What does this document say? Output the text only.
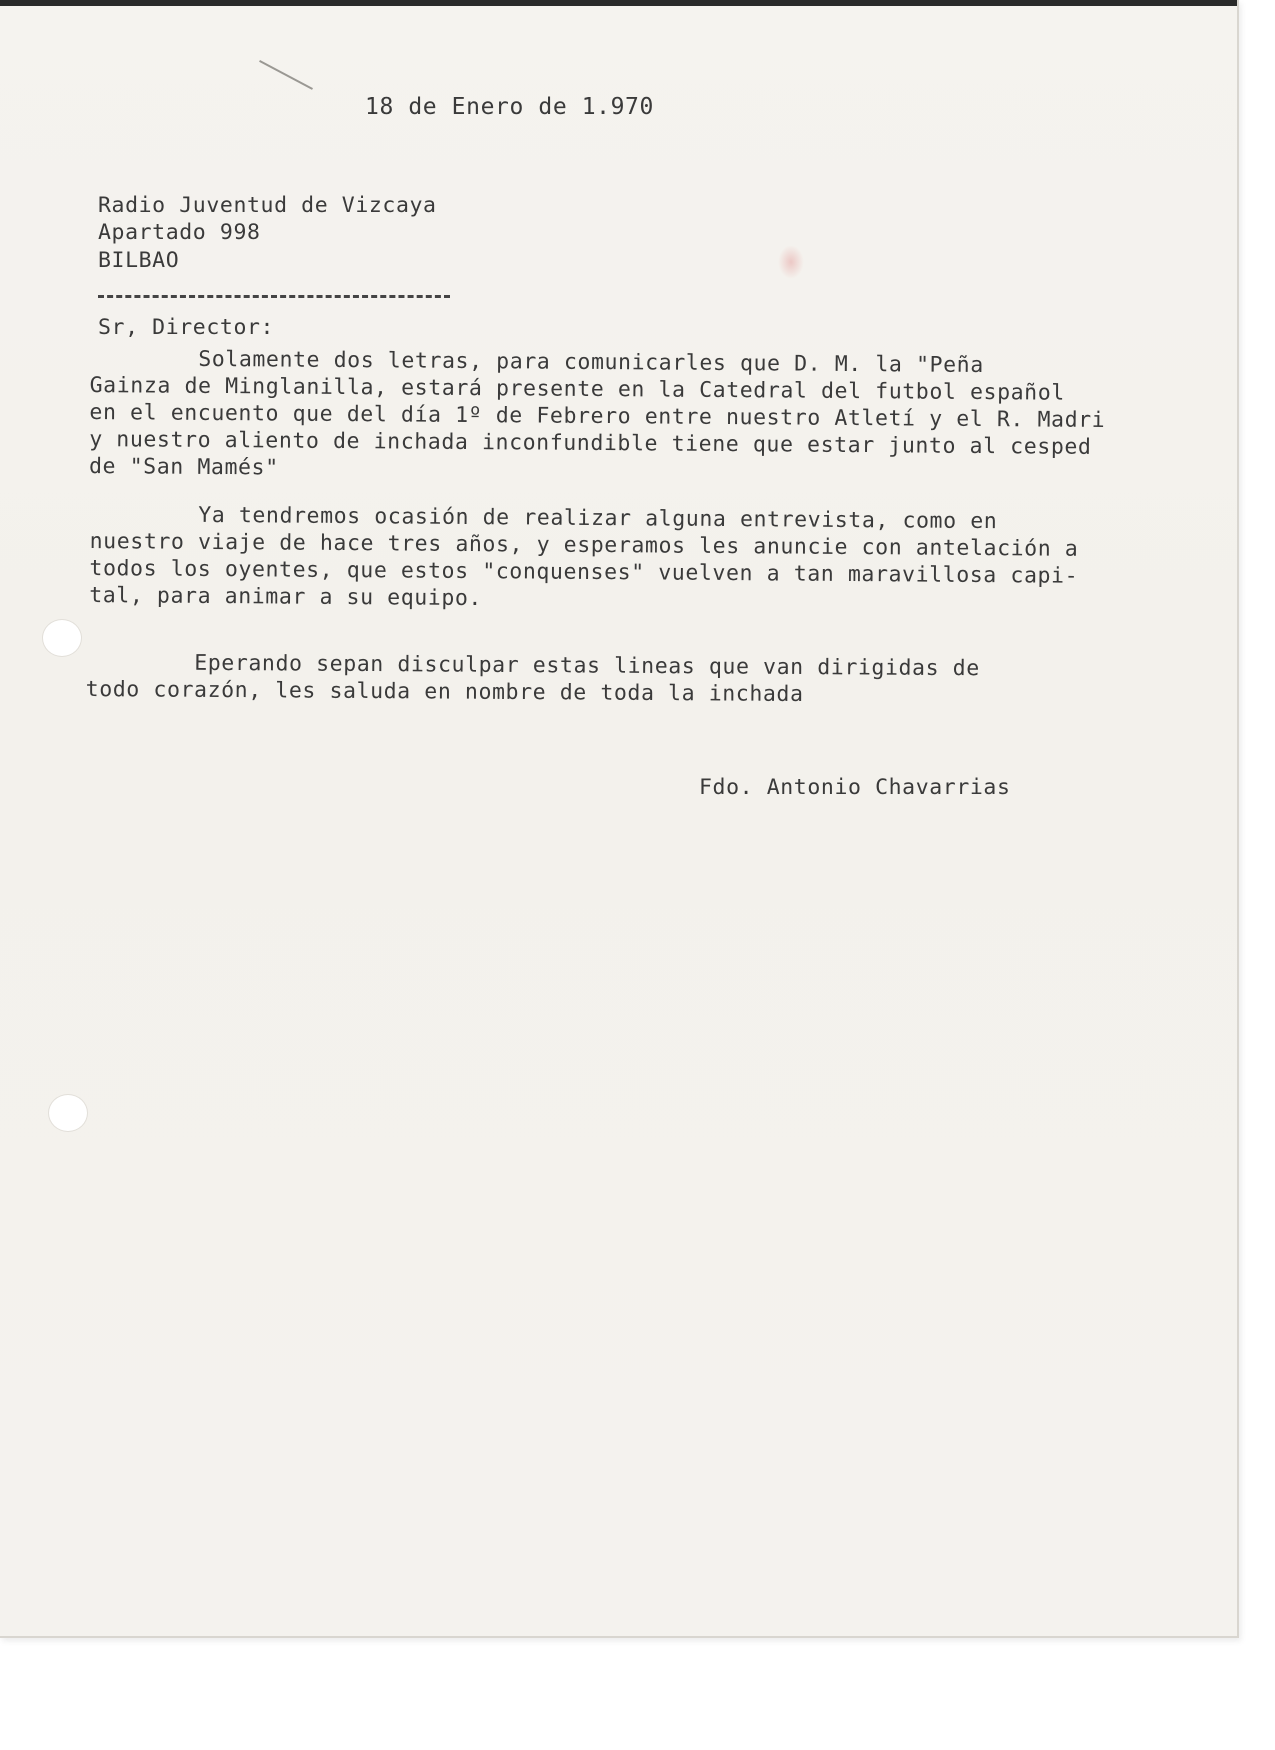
18 de Enero de 1.970
Radio Juventud de Vizcaya
Apartado 998
BILBAO
Sr, Director:
Solamente dos letras, para comunicarles que D. M. la "Peña
Gainza de Minglanilla, estará presente en la Catedral del futbol español
en el encuento que del día 1º de Febrero entre nuestro Atletí y el R. Madri
y nuestro aliento de inchada inconfundible tiene que estar junto al cesped
de "San Mamés"
Ya tendremos ocasión de realizar alguna entrevista, como en
nuestro viaje de hace tres años, y esperamos les anuncie con antelación a
todos los oyentes, que estos "conquenses" vuelven a tan maravillosa capi-
tal, para animar a su equipo.
Eperando sepan disculpar estas lineas que van dirigidas de
todo corazón, les saluda en nombre de toda la inchada
Fdo. Antonio Chavarrias
